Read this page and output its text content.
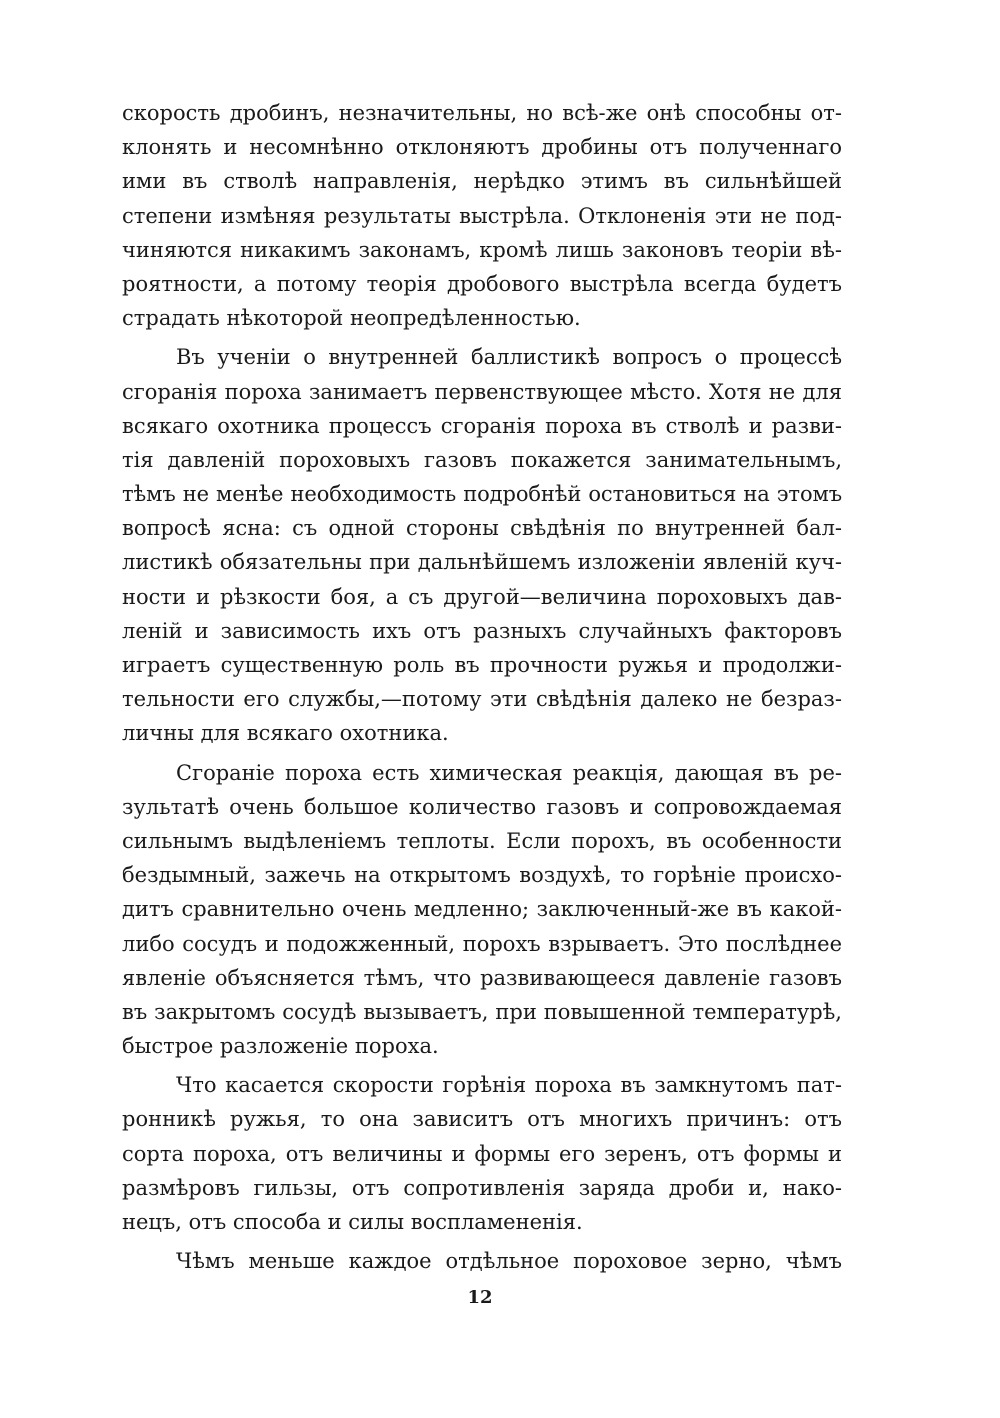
скорость дробинъ, незначительны, но всѣ-же онѣ способны от-
клонять и несомнѣнно отклоняютъ дробины отъ полученнаго
ими въ стволѣ направленія, нерѣдко этимъ въ сильнѣйшей
степени измѣняя результаты выстрѣла. Отклоненія эти не под-
чиняются никакимъ законамъ, кромѣ лишь законовъ теоріи вѣ-
роятности, а потому теорія дробового выстрѣла всегда будетъ
страдать нѣкоторой неопредѣленностью.
Въ ученіи о внутренней баллистикѣ вопросъ о процессѣ
сгоранія пороха занимаетъ первенствующее мѣсто. Хотя не для
всякаго охотника процессъ сгоранія пороха въ стволѣ и разви-
тія давленій пороховыхъ газовъ покажется занимательнымъ,
тѣмъ не менѣе необходимость подробнѣй остановиться на этомъ
вопросѣ ясна: съ одной стороны свѣдѣнія по внутренней бал-
листикѣ обязательны при дальнѣйшемъ изложеніи явленій куч-
ности и рѣзкости боя, а съ другой—величина пороховыхъ дав-
леній и зависимость ихъ отъ разныхъ случайныхъ факторовъ
играетъ существенную роль въ прочности ружья и продолжи-
тельности его службы,—потому эти свѣдѣнія далеко не безраз-
личны для всякаго охотника.
Сгораніе пороха есть химическая реакція, дающая въ ре-
зультатѣ очень большое количество газовъ и сопровождаемая
сильнымъ выдѣленіемъ теплоты. Если порохъ, въ особенности
бездымный, зажечь на открытомъ воздухѣ, то горѣніе происхо-
дитъ сравнительно очень медленно; заключенный-же въ какой-
либо сосудъ и подожженный, порохъ взрываетъ. Это послѣднее
явленіе объясняется тѣмъ, что развивающееся давленіе газовъ
въ закрытомъ сосудѣ вызываетъ, при повышенной температурѣ,
быстрое разложеніе пороха.
Что касается скорости горѣнія пороха въ замкнутомъ пат-
ронникѣ ружья, то она зависитъ отъ многихъ причинъ: отъ
сорта пороха, отъ величины и формы его зеренъ, отъ формы и
размѣровъ гильзы, отъ сопротивленія заряда дроби и, нако-
нецъ, отъ способа и силы воспламененія.
Чѣмъ меньше каждое отдѣльное пороховое зерно, чѣмъ
12
